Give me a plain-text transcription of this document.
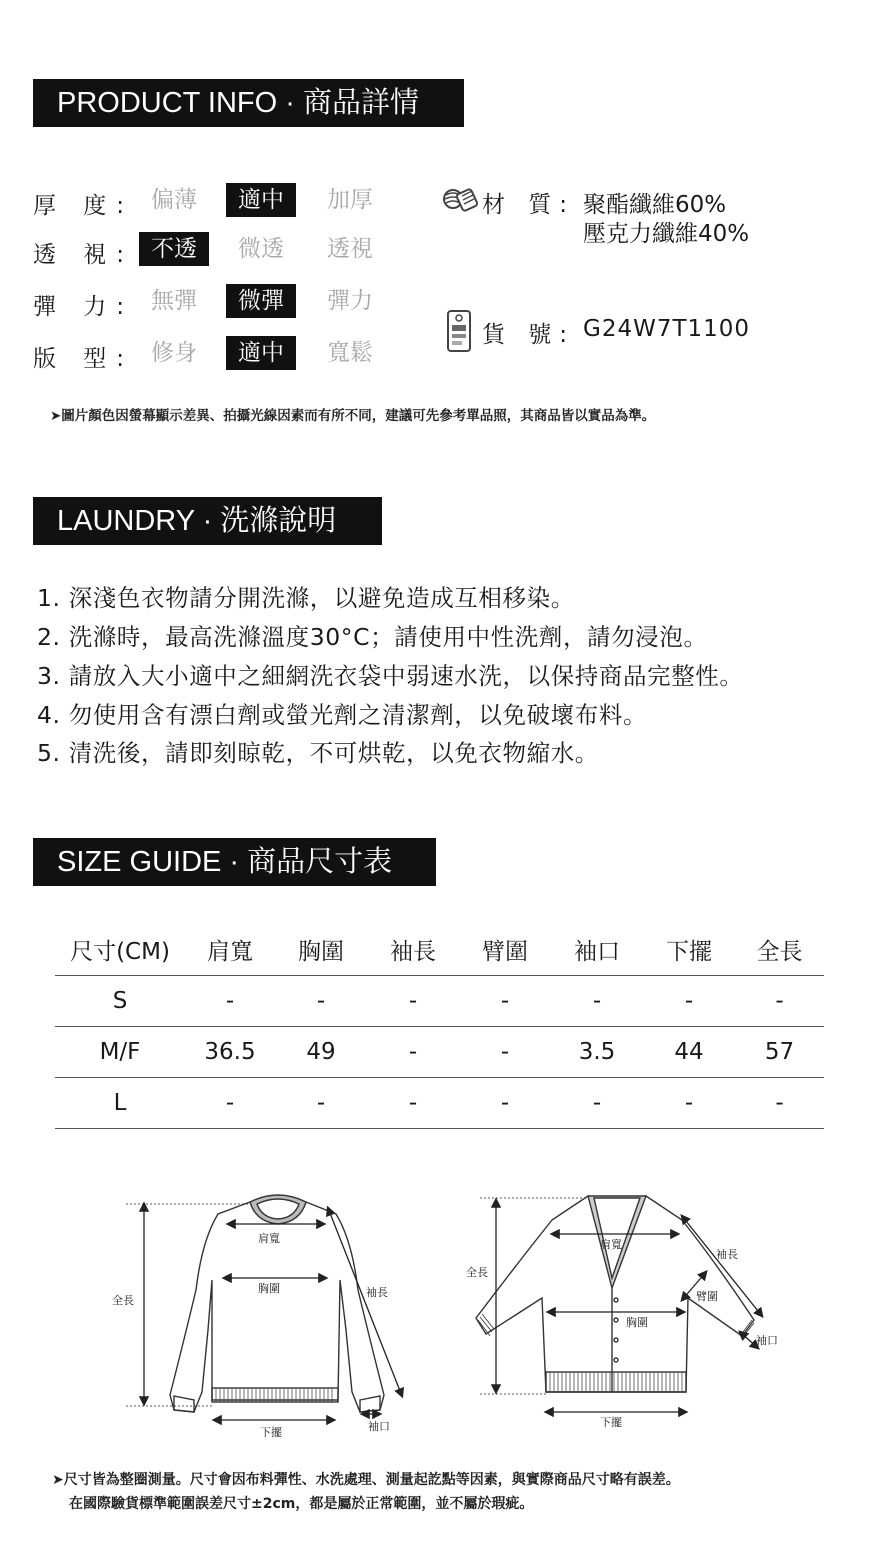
PRODUCT INFO · 商品詳情
厚 度: 偏薄	適中	加厚
透 視: 不透	微透	透視
彈 力: 無彈	微彈	彈力
版 型: 修身	適中	寬鬆
材 質: 聚酯纖維60%
壓克力纖維40%
貨 號: G24W7T1100
➤圖片顏色因螢幕顯示差異、拍攝光線因素而有所不同，建議可先參考單品照，其商品皆以實品為準。
LAUNDRY · 洗滌說明
1. 深淺色衣物請分開洗滌，以避免造成互相移染。
2. 洗滌時，最高洗滌溫度30°C；請使用中性洗劑，請勿浸泡。
3. 請放入大小適中之細網洗衣袋中弱速水洗，以保持商品完整性。
4. 勿使用含有漂白劑或螢光劑之清潔劑，以免破壞布料。
5. 清洗後，請即刻晾乾，不可烘乾，以免衣物縮水。
SIZE GUIDE · 商品尺寸表
尺寸(CM)	肩寬	胸圍	袖長	臂圍	袖口	下擺	全長
S	-	-	-	-	-	-	-
M/F	36.5	49	-	-	3.5	44	57
L	-	-	-	-	-	-	-
全長
肩寬
胸圍	袖長
下擺	袖口
全長
肩寬
胸圍
袖長
臂圍
下擺
袖口
➤尺寸皆為整圈測量。尺寸會因布料彈性、水洗處理、測量起訖點等因素，與實際商品尺寸略有誤差。
在國際驗貨標準範圍誤差尺寸±2cm，都是屬於正常範圍，並不屬於瑕疵。
